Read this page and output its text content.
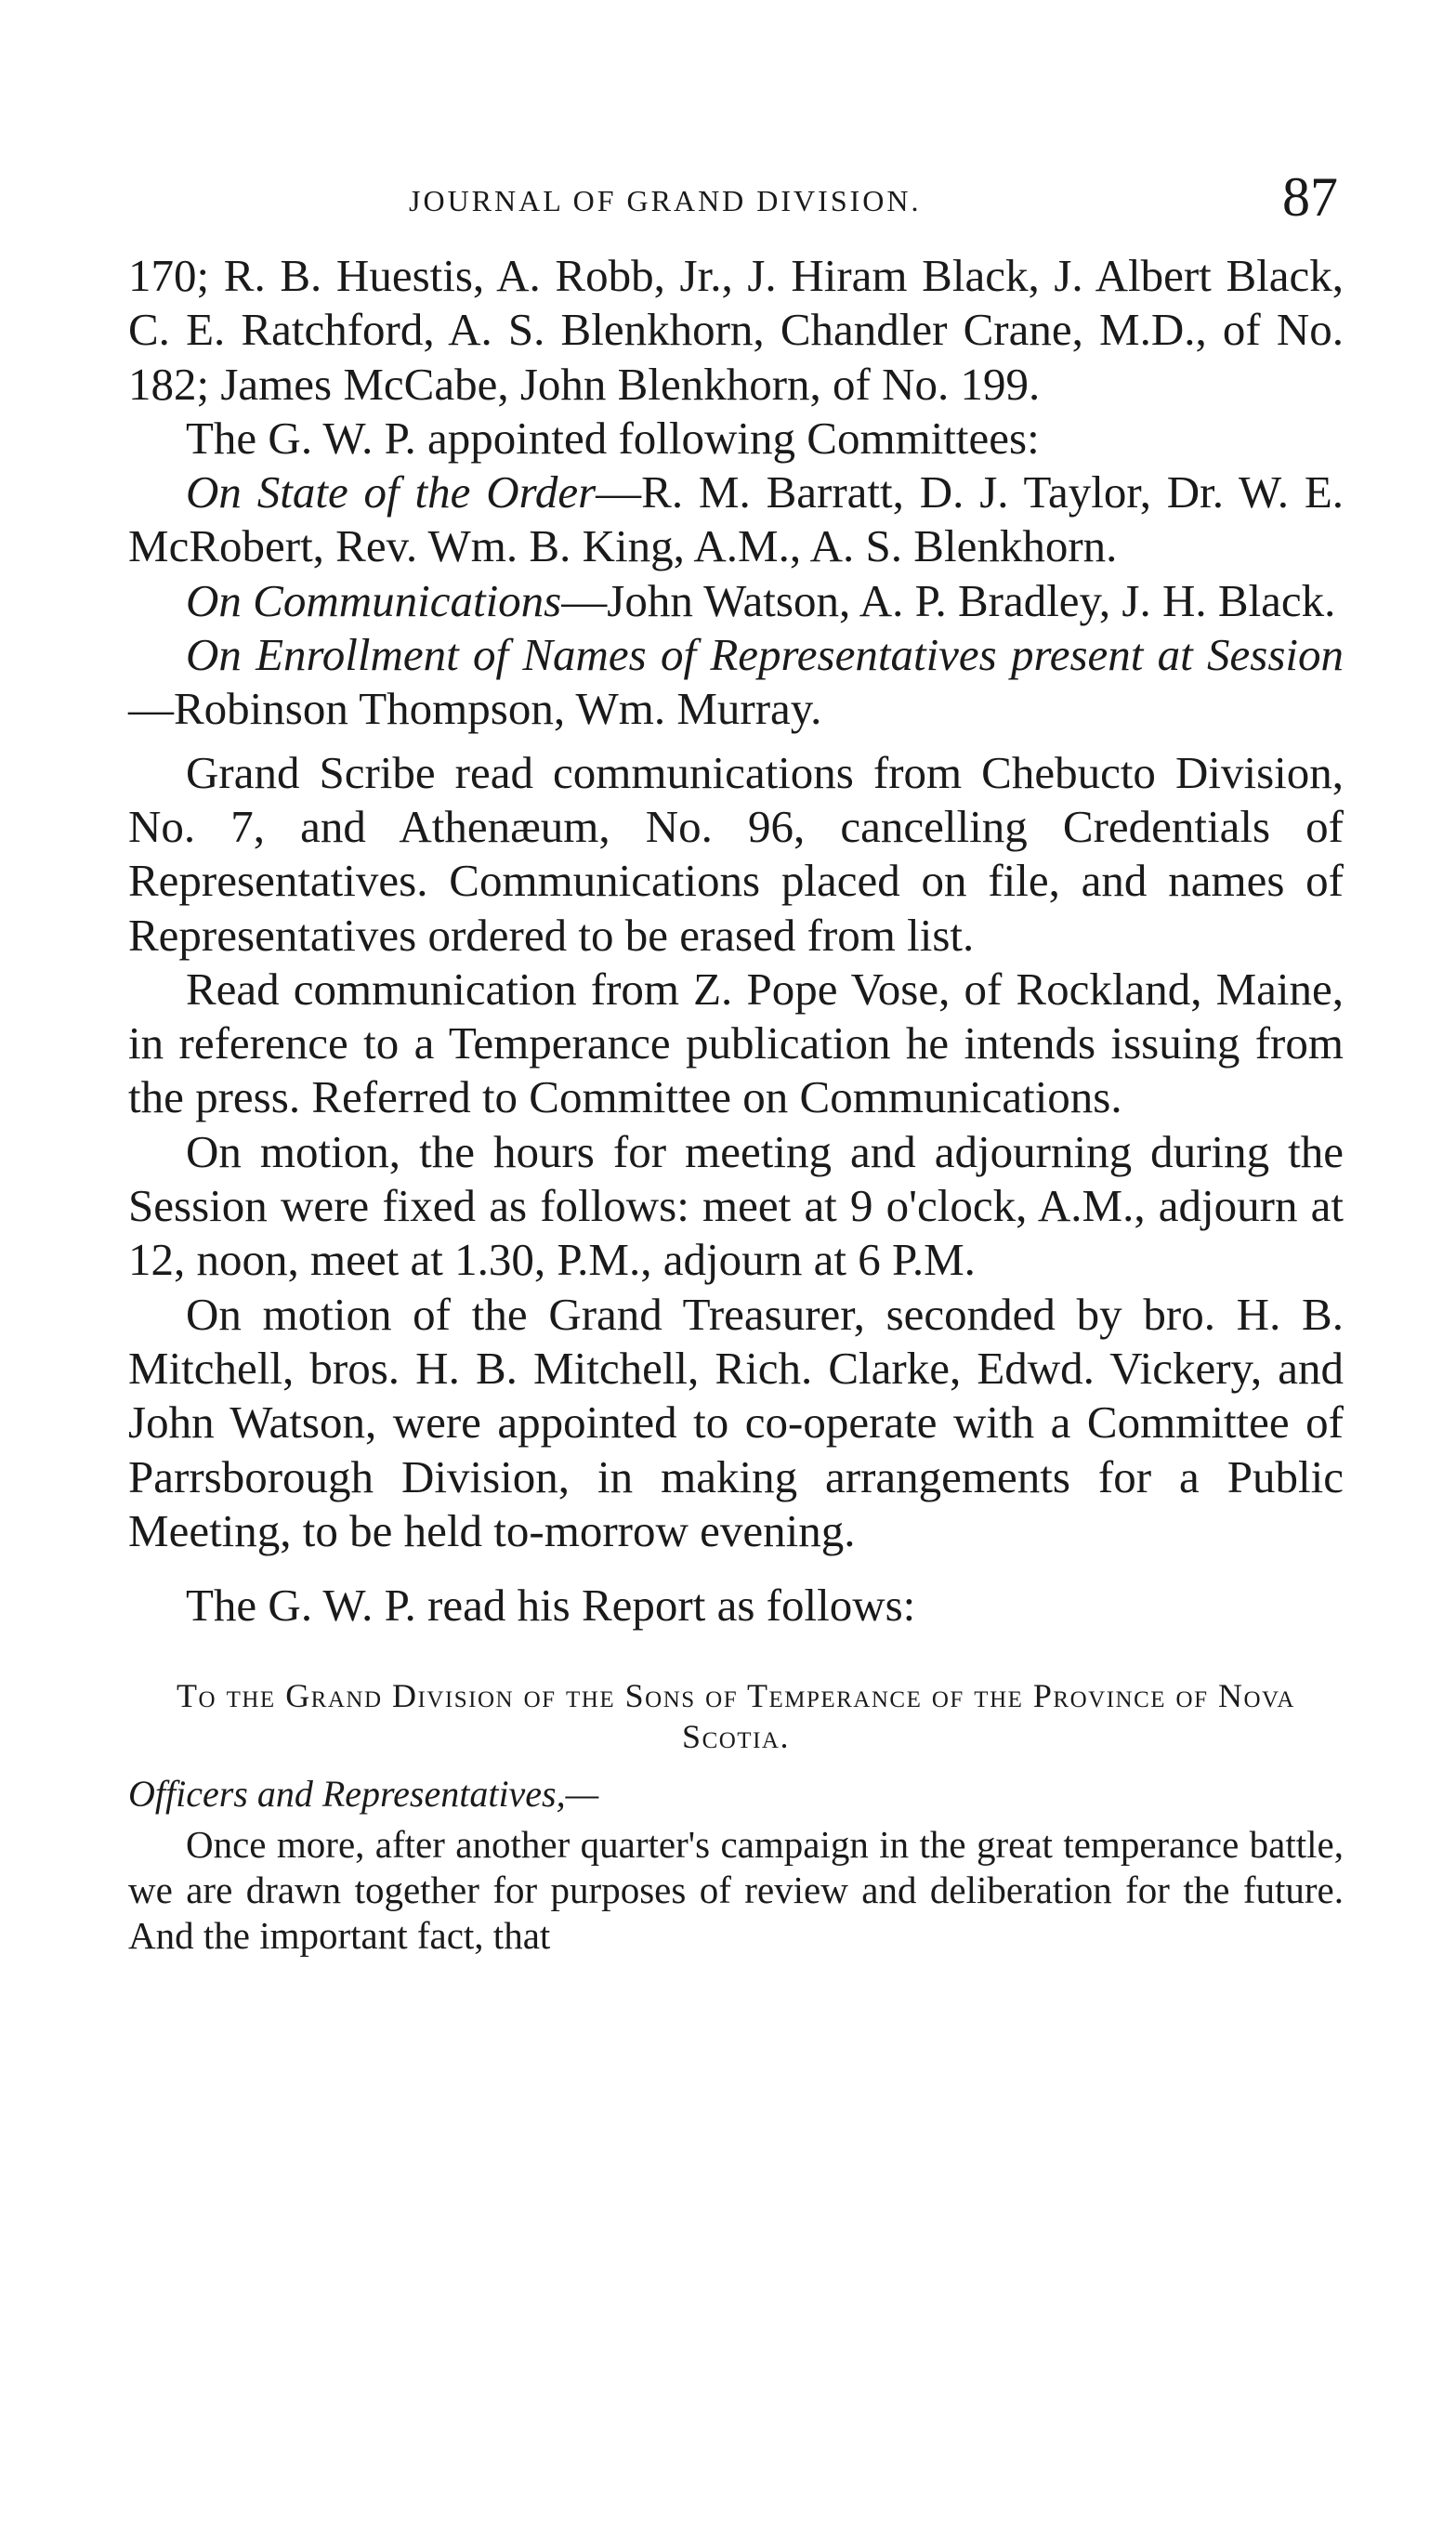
JOURNAL OF GRAND DIVISION.	87

170; R. B. Huestis, A. Robb, Jr., J. Hiram Black, J. Albert Black, C. E. Ratchford, A. S. Blenkhorn, Chandler Crane, M.D., of No. 182; James McCabe, John Blenkhorn, of No. 199.

The G. W. P. appointed following Committees:

On State of the Order—R. M. Barratt, D. J. Taylor, Dr. W. E. McRobert, Rev. Wm. B. King, A.M., A. S. Blenkhorn.

On Communications—John Watson, A. P. Bradley, J. H. Black.

On Enrollment of Names of Representatives present at Session—Robinson Thompson, Wm. Murray.

Grand Scribe read communications from Chebucto Division, No. 7, and Athenæum, No. 96, cancelling Credentials of Representatives. Communications placed on file, and names of Representatives ordered to be erased from list.

Read communication from Z. Pope Vose, of Rockland, Maine, in reference to a Temperance publication he intends issuing from the press. Referred to Committee on Communications.

On motion, the hours for meeting and adjourning during the Session were fixed as follows: meet at 9 o'clock, A.M., adjourn at 12, noon, meet at 1.30, P.M., adjourn at 6 P.M.

On motion of the Grand Treasurer, seconded by bro. H. B. Mitchell, bros. H. B. Mitchell, Rich. Clarke, Edwd. Vickery, and John Watson, were appointed to co-operate with a Committee of Parrsborough Division, in making arrangements for a Public Meeting, to be held to-morrow evening.

The G. W. P. read his Report as follows:

To the Grand Division of the Sons of Temperance of the Province of Nova Scotia.

Officers and Representatives,—

Once more, after another quarter's campaign in the great temperance battle, we are drawn together for purposes of review and deliberation for the future. And the important fact, that
